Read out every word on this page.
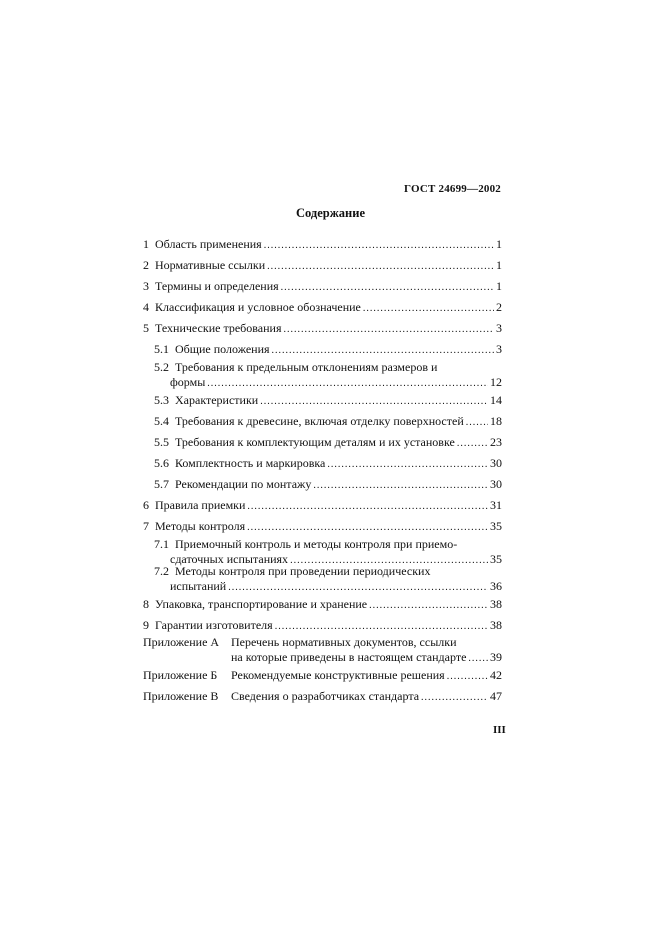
ГОСТ 24699—2002
Содержание
1 Область применения .....	1
2 Нормативные ссылки .....	1
3 Термины и определения .....	1
4 Классификация и условное обозначение .....	2
5 Технические требования .....	3
5.1 Общие положения .....	3
5.2 Требования к предельным отклонениям размеров и
формы .....	12
5.3 Характеристики .....	14
5.4 Требования к древесине, включая отделку поверхностей ..... 18
5.5 Требования к комплектующим деталям и их установке .....	23
5.6 Комплектность и маркировка .....	30
5.7 Рекомендации по монтажу .....	30
6 Правила приемки .....	31
7 Методы контроля .....	35
7.1 Приемочный контроль и методы контроля при приемо-
сдаточных испытаниях .....	35
7.2 Методы контроля при проведении периодических
испытаний .....	36
8 Упаковка, транспортирование и хранение .....	38
9 Гарантии изготовителя .....	38
Приложение А Перечень нормативных документов, ссылки
на которые приведены в настоящем стандарте ..... 39
Приложение Б	Рекомендуемые конструктивные решения .....	42
Приложение В	Сведения о разработчиках стандарта .....	47
III
